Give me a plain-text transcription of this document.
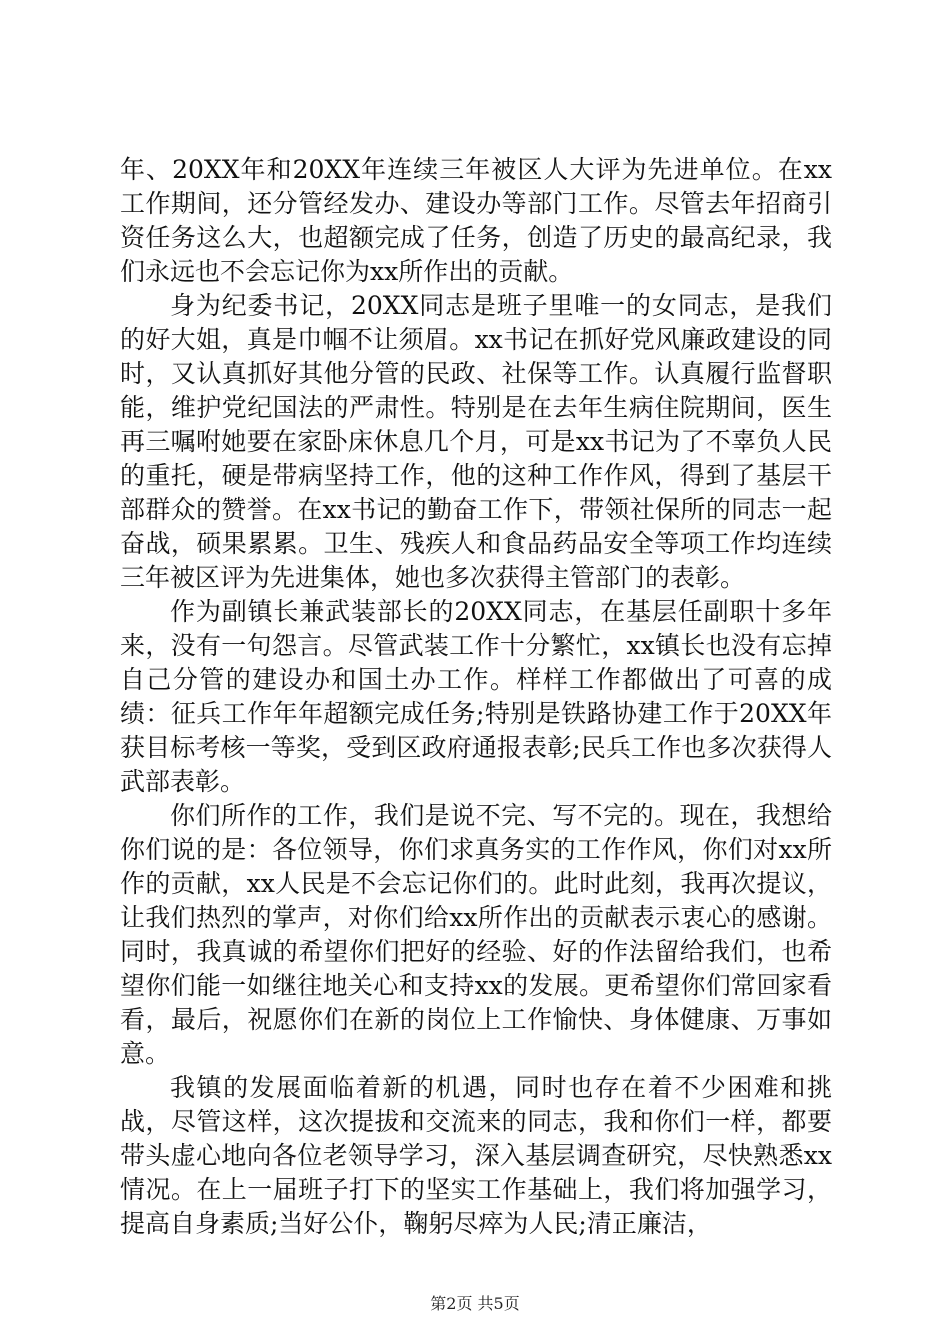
年、20XX年和20XX年连续三年被区人大评为先进单位。在xx工作期间，还分管经发办、建设办等部门工作。尽管去年招商引资任务这么大，也超额完成了任务，创造了历史的最高纪录，我们永远也不会忘记你为xx所作出的贡献。

身为纪委书记，20XX同志是班子里唯一的女同志，是我们的好大姐，真是巾帼不让须眉。xx书记在抓好党风廉政建设的同时，又认真抓好其他分管的民政、社保等工作。认真履行监督职能，维护党纪国法的严肃性。特别是在去年生病住院期间，医生再三嘱咐她要在家卧床休息几个月，可是xx书记为了不辜负人民的重托，硬是带病坚持工作，他的这种工作作风，得到了基层干部群众的赞誉。在xx书记的勤奋工作下，带领社保所的同志一起奋战，硕果累累。卫生、残疾人和食品药品安全等项工作均连续三年被区评为先进集体，她也多次获得主管部门的表彰。

作为副镇长兼武装部长的20XX同志，在基层任副职十多年来，没有一句怨言。尽管武装工作十分繁忙，xx镇长也没有忘掉自己分管的建设办和国土办工作。样样工作都做出了可喜的成绩：征兵工作年年超额完成任务;特别是铁路协建工作于20XX年获目标考核一等奖，受到区政府通报表彰;民兵工作也多次获得人武部表彰。

你们所作的工作，我们是说不完、写不完的。现在，我想给你们说的是：各位领导，你们求真务实的工作作风，你们对xx所作的贡献，xx人民是不会忘记你们的。此时此刻，我再次提议，让我们热烈的掌声，对你们给xx所作出的贡献表示衷心的感谢。同时，我真诚的希望你们把好的经验、好的作法留给我们，也希望你们能一如继往地关心和支持xx的发展。更希望你们常回家看看，最后，祝愿你们在新的岗位上工作愉快、身体健康、万事如意。

我镇的发展面临着新的机遇，同时也存在着不少困难和挑战，尽管这样，这次提拔和交流来的同志，我和你们一样，都要带头虚心地向各位老领导学习，深入基层调查研究，尽快熟悉xx情况。在上一届班子打下的坚实工作基础上，我们将加强学习，提高自身素质;当好公仆，鞠躬尽瘁为人民;清正廉洁，

第2页 共5页
